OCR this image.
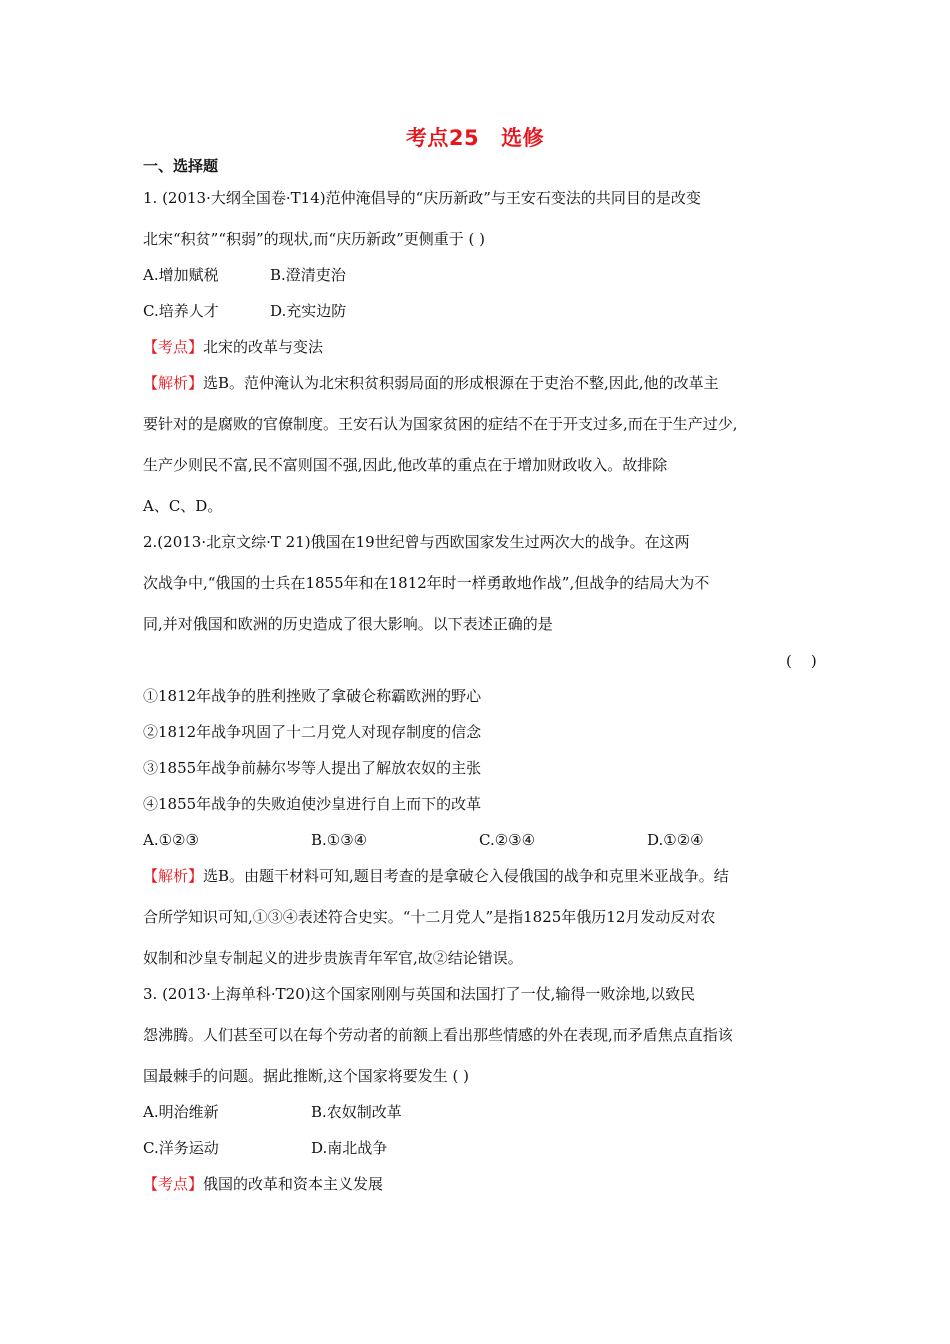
考点25 选修
一、选择题
1. (2013·大纲全国卷·T14)范仲淹倡导的“庆历新政”与王安石变法的共同目的是改变
北宋“积贫”“积弱”的现状,而“庆历新政”更侧重于 ( )
A.增加赋税	B.澄清吏治
C.培养人才	D.充实边防
【考点】北宋的改革与变法
【解析】选B。范仲淹认为北宋积贫积弱局面的形成根源在于吏治不整,因此,他的改革主
要针对的是腐败的官僚制度。王安石认为国家贫困的症结不在于开支过多,而在于生产过少,
生产少则民不富,民不富则国不强,因此,他改革的重点在于增加财政收入。故排除
A、C、D。
2.(2013·北京文综·T 21)俄国在19世纪曾与西欧国家发生过两次大的战争。在这两
次战争中,“俄国的士兵在1855年和在1812年时一样勇敢地作战”,但战争的结局大为不
同,并对俄国和欧洲的历史造成了很大影响。以下表述正确的是
(    )
①1812年战争的胜利挫败了拿破仑称霸欧洲的野心
②1812年战争巩固了十二月党人对现存制度的信念
③1855年战争前赫尔岑等人提出了解放农奴的主张
④1855年战争的失败迫使沙皇进行自上而下的改革
A.①②③	B.①③④	C.②③④	D.①②④
【解析】选B。由题干材料可知,题目考查的是拿破仑入侵俄国的战争和克里米亚战争。结
合所学知识可知,①③④表述符合史实。“十二月党人”是指1825年俄历12月发动反对农
奴制和沙皇专制起义的进步贵族青年军官,故②结论错误。
3. (2013·上海单科·T20)这个国家刚刚与英国和法国打了一仗,输得一败涂地,以致民
怨沸腾。人们甚至可以在每个劳动者的前额上看出那些情感的外在表现,而矛盾焦点直指该
国最棘手的问题。据此推断,这个国家将要发生 ( )
A.明治维新	B.农奴制改革
C.洋务运动	D.南北战争
【考点】俄国的改革和资本主义发展
